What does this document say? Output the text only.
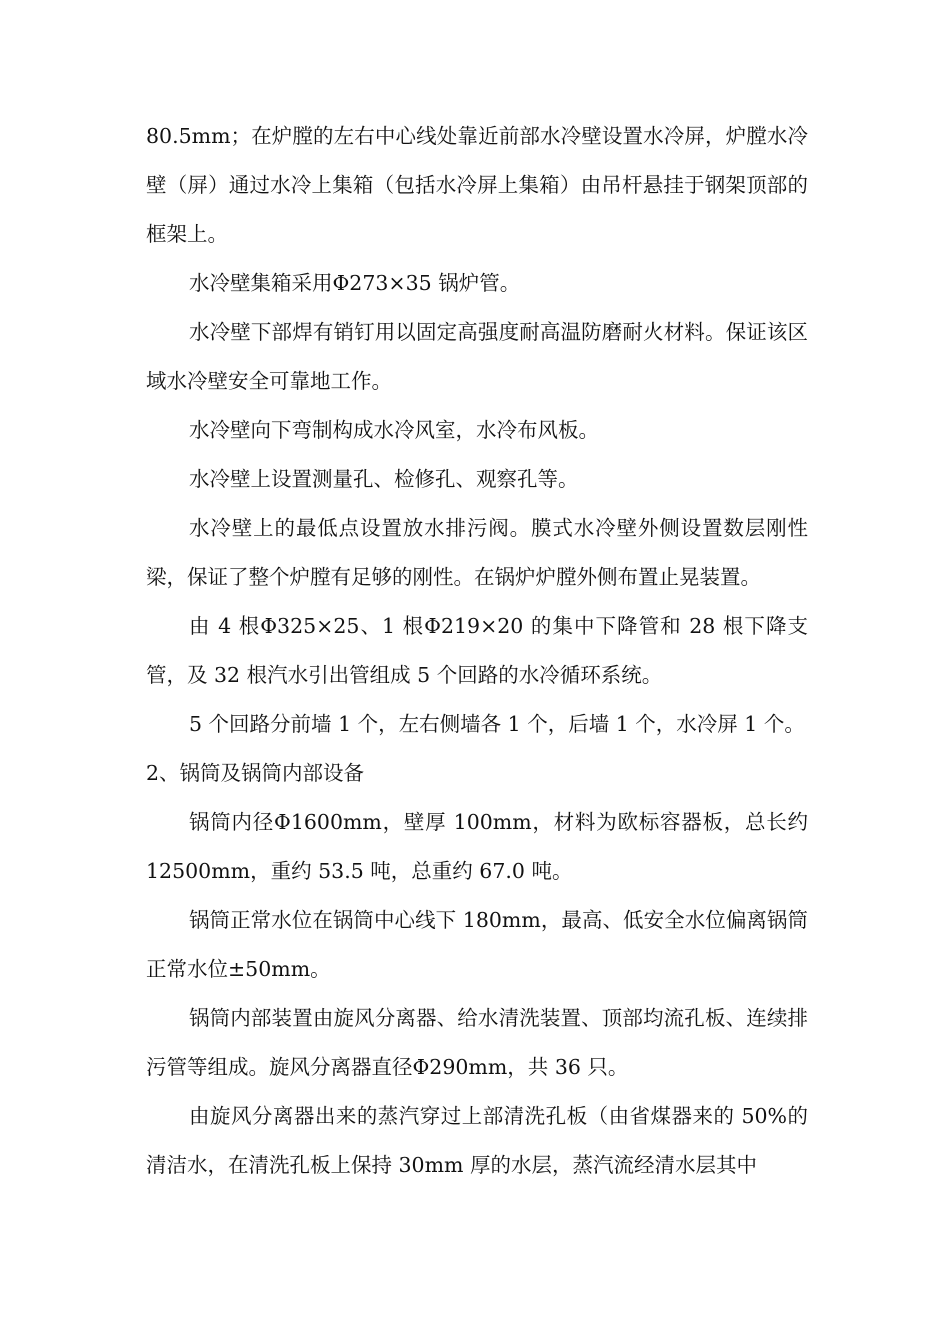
80.5mm；在炉膛的左右中心线处靠近前部水冷壁设置水冷屏，炉膛水冷壁（屏）通过水冷上集箱（包括水冷屏上集箱）由吊杆悬挂于钢架顶部的框架上。

水冷壁集箱采用Φ273×35 锅炉管。

水冷壁下部焊有销钉用以固定高强度耐高温防磨耐火材料。保证该区域水冷壁安全可靠地工作。

水冷壁向下弯制构成水冷风室，水冷布风板。

水冷壁上设置测量孔、检修孔、观察孔等。

水冷壁上的最低点设置放水排污阀。膜式水冷壁外侧设置数层刚性梁，保证了整个炉膛有足够的刚性。在锅炉炉膛外侧布置止晃装置。

由 4 根Φ325×25、1 根Φ219×20 的集中下降管和 28 根下降支管，及 32 根汽水引出管组成 5 个回路的水冷循环系统。

5 个回路分前墙 1 个，左右侧墙各 1 个，后墙 1 个，水冷屏 1 个。

2、锅筒及锅筒内部设备

锅筒内径Φ1600mm，壁厚 100mm，材料为欧标容器板，总长约 12500mm，重约 53.5 吨，总重约 67.0 吨。

锅筒正常水位在锅筒中心线下 180mm，最高、低安全水位偏离锅筒正常水位±50mm。

锅筒内部装置由旋风分离器、给水清洗装置、顶部均流孔板、连续排污管等组成。旋风分离器直径Φ290mm，共 36 只。

由旋风分离器出来的蒸汽穿过上部清洗孔板（由省煤器来的 50%的清洁水，在清洗孔板上保持 30mm 厚的水层，蒸汽流经清水层其中
